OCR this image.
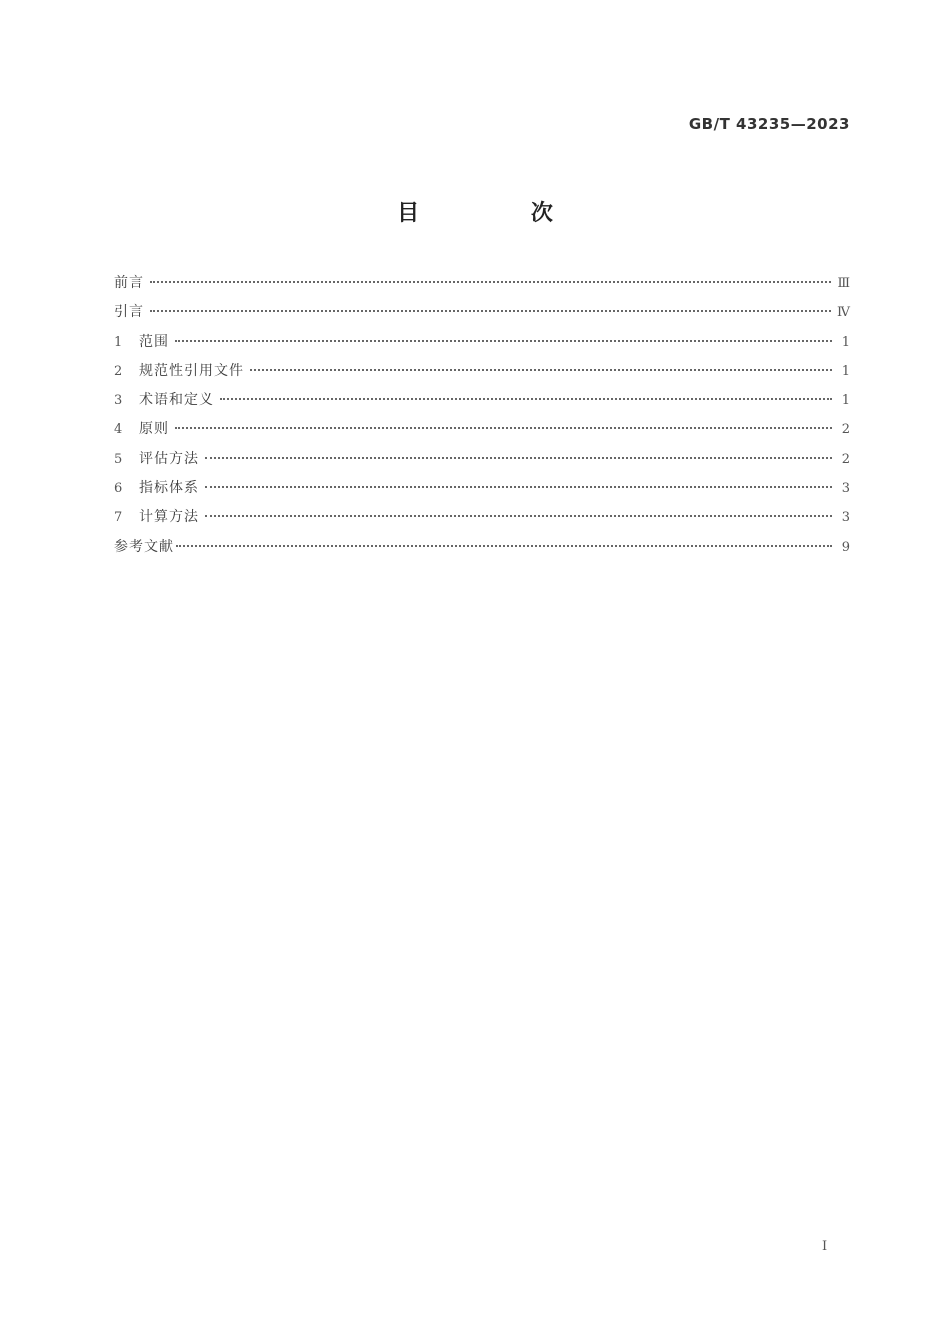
GB/T 43235—2023
目 次
前言	Ⅲ
引言	Ⅳ
1	范围	1
2	规范性引用文件	1
3	术语和定义	1
4	原则	2
5	评估方法	2
6	指标体系	3
7	计算方法	3
参考文献	9
I
